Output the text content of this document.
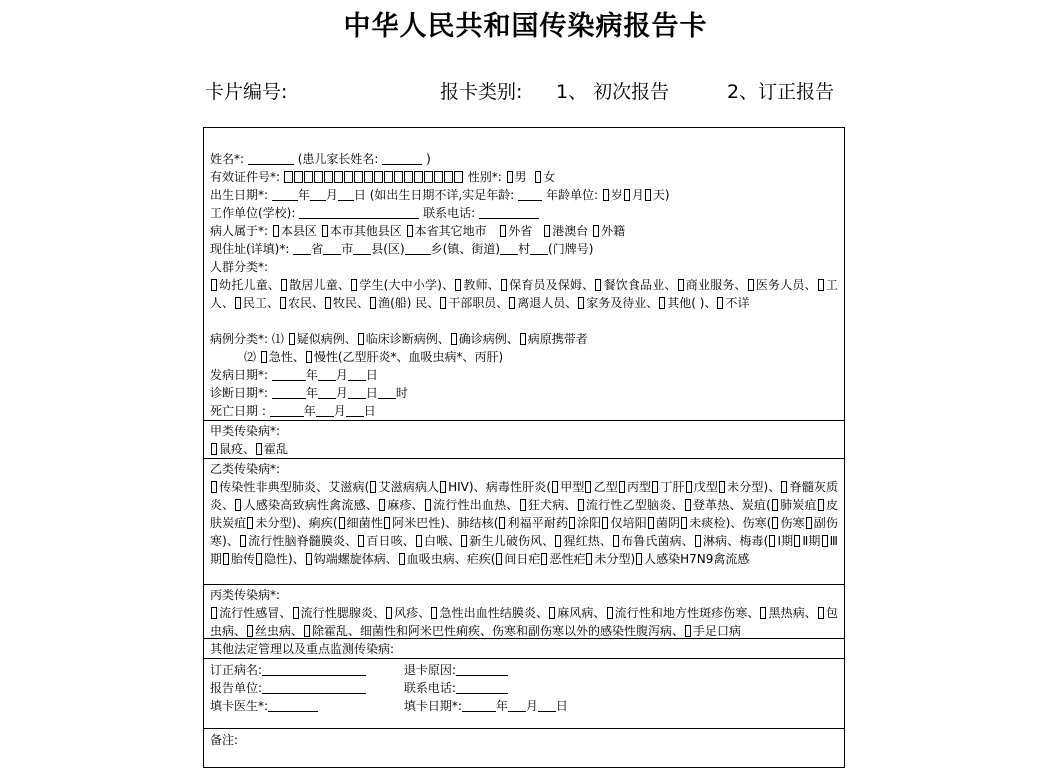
中华人民共和国传染病报告卡
卡片编号:	报卡类别: 1、 初次报告	2、订正报告
姓名*:	(患儿家长姓名:	)
有效证件号*:	性别*: 男 女
出生日期*: 年 月 日 (如出生日期不详,实足年龄:	年龄单位: 岁 月 天)
工作单位(学校):	联系电话:
病人属于*: 本县区 本市其他县区 本省其它地市 外省 港澳台 外籍
现住址(详填)*: 省 市 县(区) 乡(镇、街道) 村 (门牌号)
人群分类*:
幼托儿童、 散居儿童、 学生(大中小学)、 教师、 保育员及保姆、 餐饮食品业、 商业服务、 医务人员、 工人、 民工、 农民、 牧民、 渔(船) 民、 干部职员、 离退人员、 家务及待业、 其他( )、 不详
病例分类*: ⑴ 疑似病例、 临床诊断病例、 确诊病例、 病原携带者
⑵ 急性、 慢性(乙型肝炎*、血吸虫病*、丙肝)
发病日期*:	年 月 日
诊断日期*:	年 月 日 时
死亡日期 :	年 月 日
甲类传染病*:
鼠疫、 霍乱
乙类传染病*:
传染性非典型肺炎、艾滋病( 艾滋病病人 HIV)、病毒性肝炎( 甲型 乙型 丙型 丁肝 戊型 未分型)、 脊髓灰质炎、 人感染高致病性禽流感、 麻疹、 流行性出血热、 狂犬病、 流行性乙型脑炎、 登革热、炭疽( 肺炭疽 皮肤炭疽 未分型)、痢疾( 细菌性 阿米巴性)、肺结核( 利福平耐药 涂阳 仅培阳 菌阴 未痰检)、伤寒( 伤寒 副伤寒)、 流行性脑脊髓膜炎、 百日咳、 白喉、 新生儿破伤风、 猩红热、 布鲁氏菌病、 淋病、梅毒( Ⅰ期 Ⅱ期 Ⅲ期 胎传 隐性)、 钩端螺旋体病、 血吸虫病、疟疾( 间日疟 恶性疟 未分型) 人感染H7N9禽流感
丙类传染病*:
流行性感冒、 流行性腮腺炎、 风疹、 急性出血性结膜炎、 麻风病、 流行性和地方性斑疹伤寒、 黑热病、 包虫病、 丝虫病、 除霍乱、细菌性和阿米巴性痢疾、伤寒和副伤寒以外的感染性腹泻病、 手足口病
其他法定管理以及重点监测传染病:
订正病名:	退卡原因:
报告单位:	联系电话:
填卡医生*:	填卡日期*:	年 月 日
备注:
